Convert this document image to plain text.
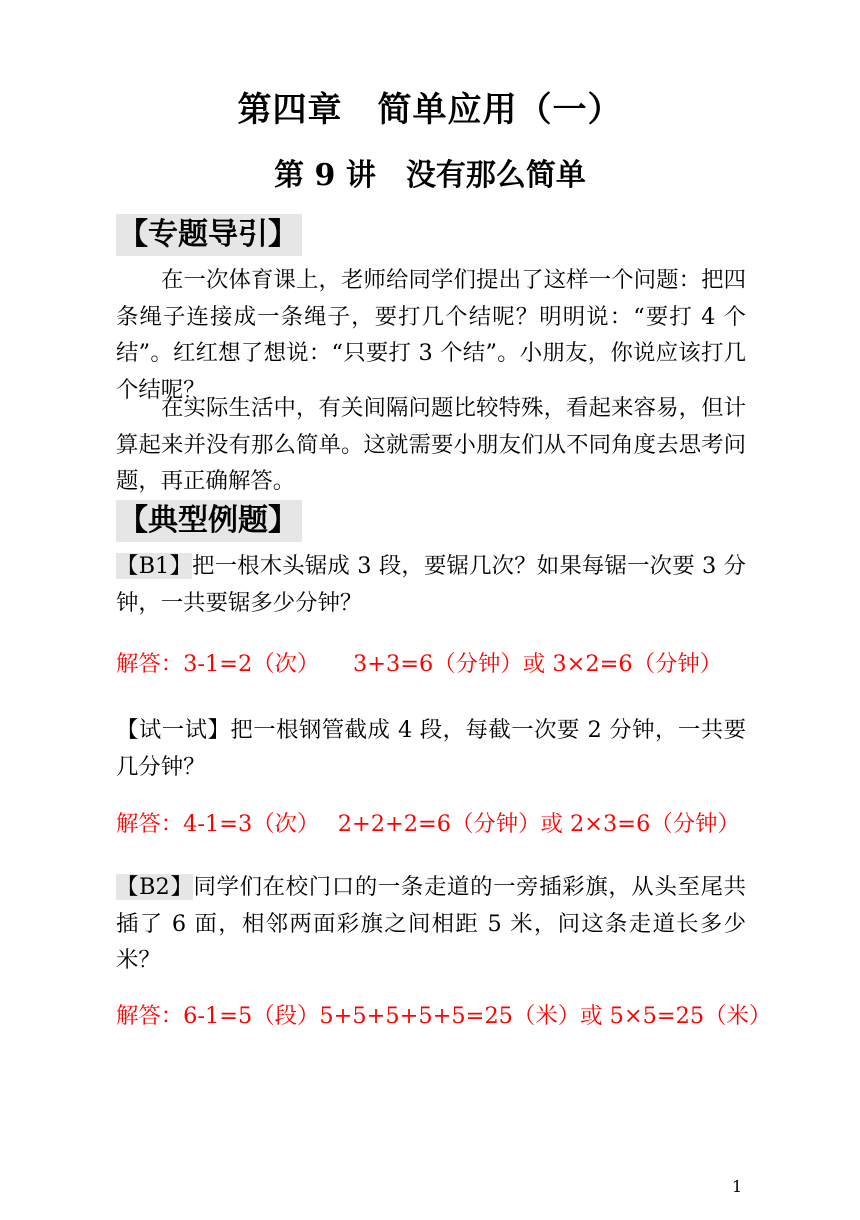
第四章　简单应用（一）
第 9 讲　没有那么简单
【专题导引】
在一次体育课上，老师给同学们提出了这样一个问题：把四条绳子连接成一条绳子，要打几个结呢？明明说：“要打 4 个结”。红红想了想说：“只要打 3 个结”。小朋友，你说应该打几个结呢？
在实际生活中，有关间隔问题比较特殊，看起来容易，但计算起来并没有那么简单。这就需要小朋友们从不同角度去思考问题，再正确解答。
【典型例题】
【B1】把一根木头锯成 3 段，要锯几次？如果每锯一次要 3 分钟，一共要锯多少分钟？
解答：3-1=2（次）　　3+3=6（分钟）或 3×2=6（分钟）
【试一试】把一根钢管截成 4 段，每截一次要 2 分钟，一共要几分钟？
解答：4-1=3（次）　 2+2+2=6（分钟）或 2×3=6（分钟）
【B2】同学们在校门口的一条走道的一旁插彩旗，从头至尾共插了 6 面，相邻两面彩旗之间相距 5 米，问这条走道长多少米？
解答：6-1=5（段）5+5+5+5+5=25（米）或 5×5=25（米）
1
